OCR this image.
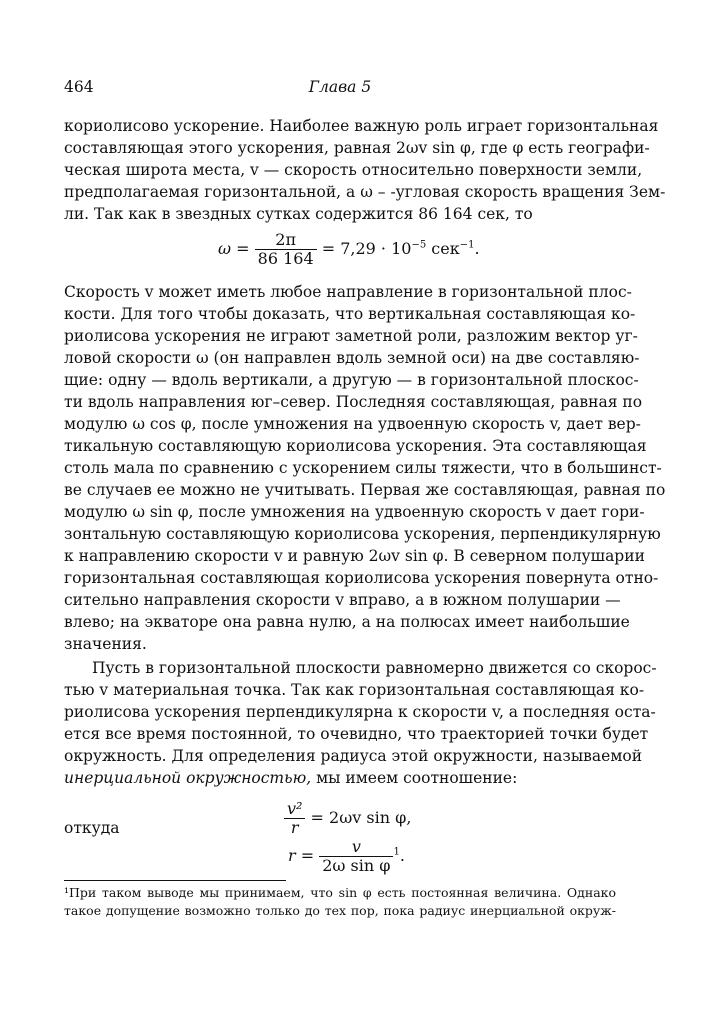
464	Глава 5
кориолисово ускорение. Наиболее важную роль играет горизонтальная
составляющая этого ускорения, равная 2ωv sin φ, где φ есть географи-
ческая широта места, v — скорость относительно поверхности земли,
предполагаемая горизонтальной, а ω – -угловая скорость вращения Зем-
ли. Так как в звездных сутках содержится 86 164 сек, то
$\omega = \frac{2\pi}{86 164} = 7,29 \cdot 10^{-5}$ сек$^{-1}$.
Скорость v может иметь любое направление в горизонтальной плос-
кости. Для того чтобы доказать, что вертикальная составляющая ко-
риолисова ускорения не играют заметной роли, разложим вектор уг-
ловой скорости ω (он направлен вдоль земной оси) на две составляю-
щие: одну — вдоль вертикали, а другую — в горизонтальной плоскос-
ти вдоль направления юг–север. Последняя составляющая, равная по
модулю ω cos φ, после умножения на удвоенную скорость v, дает вер-
тикальную составляющую кориолисова ускорения. Эта составляющая
столь мала по сравнению с ускорением силы тяжести, что в большинст-
ве случаев ее можно не учитывать. Первая же составляющая, равная по
модулю ω sin φ, после умножения на удвоенную скорость v дает гори-
зонтальную составляющую кориолисова ускорения, перпендикулярную
к направлению скорости v и равную 2ωv sin φ. В северном полушарии
горизонтальная составляющая кориолисова ускорения повернута отно-
сительно направления скорости v вправо, а в южном полушарии —
влево; на экваторе она равна нулю, а на полюсах имеет наибольшие
значения.
Пусть в горизонтальной плоскости равномерно движется со скорос-
тью v материальная точка. Так как горизонтальная составляющая ко-
риолисова ускорения перпендикулярна к скорости v, а последняя оста-
ется все время постоянной, то очевидно, что траекторией точки будет
окружность. Для определения радиуса этой окружности, называемой
инерциальной окружностью, мы имеем соотношение:
$\frac{\text{v²}}{r} = 2\omega v$ sin φ,
откуда
$r = \frac{v}{\text{2ω sin φ}} ^1$.
¹При таком выводе мы принимаем, что sin φ есть постоянная величина. Однако
такое допущение возможно только до тех пор, пока радиус инерциальной окруж-
